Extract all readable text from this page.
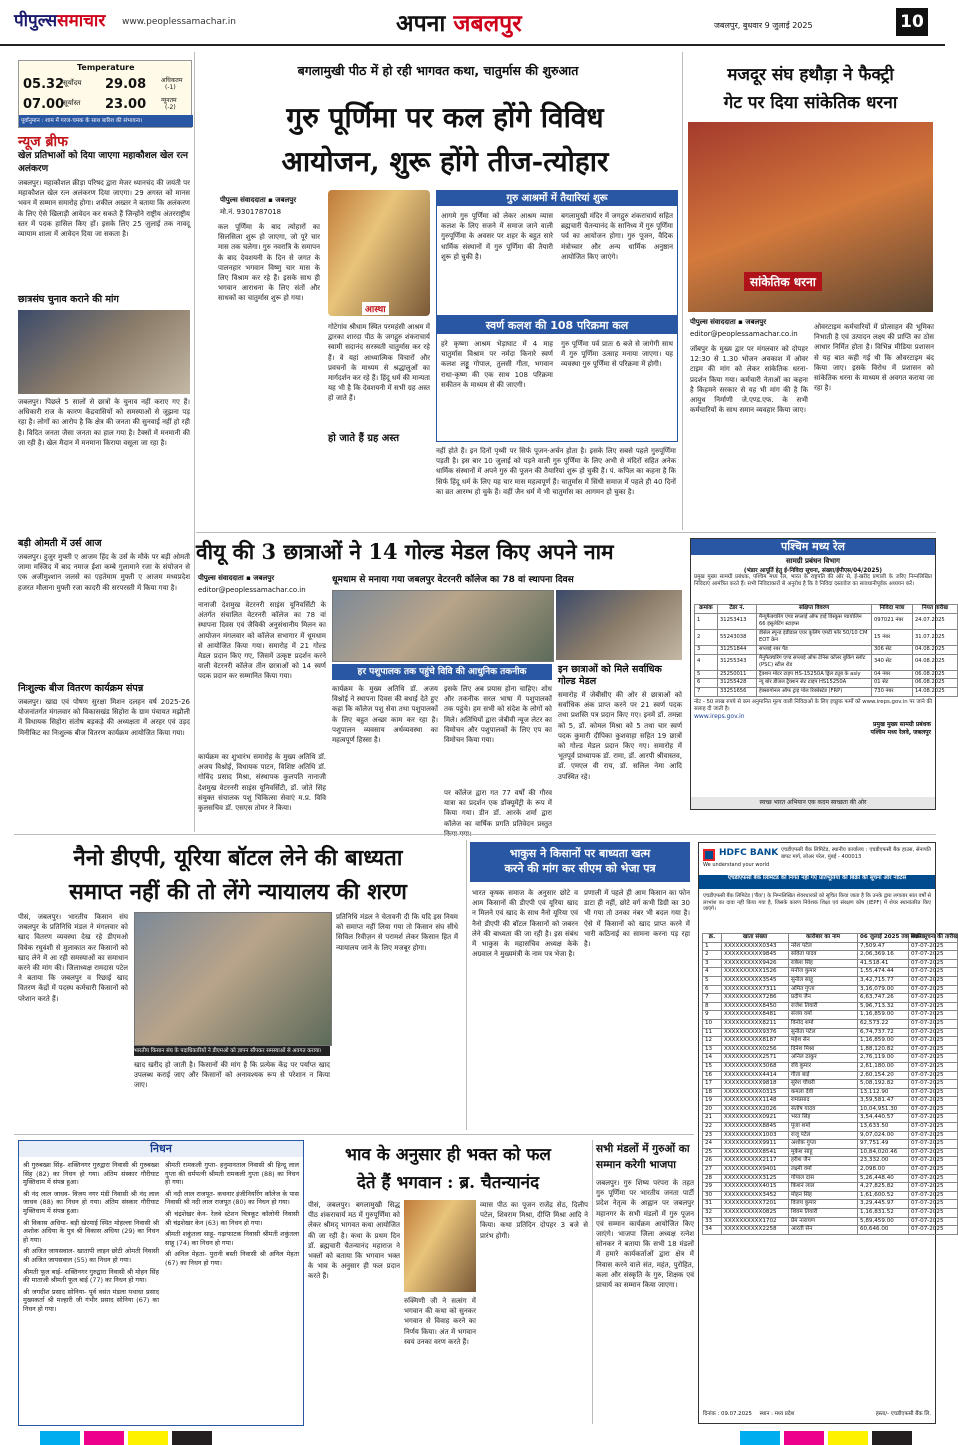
पीपुल्ससमाचार www.peoplessamachar.in	अपना जबलपुर	जबलपुर, बुधवार 9 जुलाई 2025	10
Temperature
05.32
सूर्योदय 29.08 अधिकतम
(-1)
07.00
सूर्यास्त 23.00 न्यूनतम
(-2)
पूर्वानुमान : शाम में गरज-चमक के साथ बारिश की संभावना।
न्यूज ब्रीफ
खेल प्रतिभाओं को दिया जाएगा महाकौशल खेल रत्न अलंकरण
जबलपुर। महाकौशल क्रीड़ा परिषद द्वारा मेजर ध्यानचंद की जयंती पर महाकौशल खेल रत्न अलंकरण दिया जाएगा। 29 अगस्त को मानस भवन में सम्मान समारोह होगा। शकील अख्तर ने बताया कि अलंकरण के लिए ऐसे खिलाड़ी आवेदन कर सकते हैं जिन्होंने राष्ट्रीय अंतरराष्ट्रीय स्तर में पदक हासिल किए हों। इसके लिए 25 जुलाई तक नावदू व्यायाम शाला में आवेदन दिया जा सकता है।
छात्रसंघ चुनाव कराने की मांग
जबलपुर। पिछले 5 सालों से छात्रों के चुनाव नहीं कराए गए हैं। अधिकारी राज के कारण केंद्रवासियों को समस्याओं से जूझना पड़ रहा है। लोगों का आरोप है कि क्षेत्र की जनता की सुनवाई नहीं हो रही है। विदित जनता जैसा जनता का हाल गया है। टैक्सों में मनमानी की जा रही है। खेल मैदान में मनमाना किराया वसूला जा रहा है।
बड़ी ओमती में उर्स आज
जबलपुर। हुजुर मुफ्ती ए आजम हिंद के उर्स के मौके पर बड़ी ओमती जामा मस्जिद में बाद नमाज ईशा कम्बे गुलामाने रजा के संयोजन से एक अजीमुश्शान जलसे का एहतेमाम मुफ्ती ए आजम मध्यप्रदेश हजरत मौलाना मुफ्ती रजा कादरी की सरपरस्ती में किया गया है।
निःशुल्क बीज वितरण कार्यक्रम संपन्न
जबलपुर। खाद्य एवं पोषण सुरक्षा मिशन दलहन वर्ष 2025-26 योजनांतर्गत मंगलवार को विकासखंड सिहोरा के ग्राम पंचायत मझौली में विधायक सिहोरा संतोष बड़कड़े की अध्यक्षता में अरहर एवं उड़द मिनीकिट का निःशुल्क बीज वितरण कार्यक्रम आयोजित किया गया।
बगलामुखी पीठ में हो रही भागवत कथा, चातुर्मास की शुरुआत
गुरु पूर्णिमा पर कल होंगे विविध
आयोजन, शुरू होंगे तीज-त्योहार
पीपुल्स संवाददाता ▪ जबलपुर
मो.नं. 9301787018
आस्था
कल पूर्णिमा के बाद त्योहारों का सिलसिला शुरू हो जाएगा, जो पूरे चार मास तक चलेगा। गुरु नवरात्रि के समापन के बाद देवशयनी के दिन से जगत के पालनहार भगवान विष्णु चार मास के लिए विश्राम कर रहे हैं। इसके साथ ही भगवान आराधना के लिए संतों और साधकों का चातुर्मास शुरू हो गया।
गोटेगांव श्रीधाम स्थित परमहंसी आश्रम में द्वारका शारदा पीठ के जगद्गुरु शंकराचार्य स्वामी सदानंद सरस्वती चातुर्मास कर रहे हैं। वे यहां आध्यात्मिक विचारों और प्रवचनों के माध्यम से श्रद्धालुओं का मार्गदर्शन कर रहे हैं। हिंदू धर्म की मान्यता यह भी है कि देवशयनी में सभी ग्रह अस्त हो जाते हैं।
हो जाते हैं ग्रह अस्त
गुरु आश्रमों में तैयारियां शुरू
आगमे गुरु पूर्णिमा को लेकर आश्रम व्यास कलश के लिए सजने में समाज जाने वाली गुरुपूर्णिमा के अवसर पर शहर के बहुत सारे धार्मिक संस्थानों में गुरु पूर्णिमा की तैयारी शुरू हो चुकी है।
बगलामुखी मंदिर में जगद्गुरु शंकराचार्य सहित ब्रह्मचारी चैतन्यानंद के सानिध्य में गुरु पूर्णिमा पर्व का आयोजन होगा। गुरु पूजन, वैदिक मंत्रोच्चार और अन्य धार्मिक अनुष्ठान आयोजित किए जाएंगे।
स्वर्ण कलश की 108 परिक्रमा कल
हरे कृष्णा आश्रम भेड़ाघाट में 4 माह चातुर्मास विश्राम पर नर्मदा किनारे स्वर्ण कलश लड्डू गोपाल, तुलसी गीता, भगवान राधा-कृष्ण की एक साथ 108 परिक्रमा सकीतन के माध्यम से की जाएगी।
गुरु पूर्णिमा पर्व प्रातः 6 बजे से जागेगी साथ में गुरु पूर्णिमा उत्साह मनाया जाएगा। यह व्यवस्था गुरु पूर्णिमा से परिक्रमा में होगी।
नहीं होते हैं। इन दिनों पृथ्वी पर सिर्फ पूजन-अर्चन होता है। इसके लिए सबसे पहले गुरुपूर्णिमा पड़ती है। इस बार 10 जुलाई को पड़ने वाली गुरु पूर्णिमा के लिए अभी से मंदिरों सहित अनेक धार्मिक संस्थानों में अपने गुरु की पूजन की तैयारियां शुरू हो चुकी हैं। पं. कपिल का कहना है कि सिर्फ हिंदू धर्म के लिए यह चार मास महत्वपूर्ण हैं। चातुर्मास में सिंधी समाज में पहले ही 40 दिनों का व्रत आरम्भ हो चुके हैं। वहीं जैन धर्म में भी चातुर्मास का आगमन हो चुका है।
मजदूर संघ हथौड़ा ने फैक्ट्री
गेट पर दिया सांकेतिक धरना
सांकेतिक धरना
पीपुल्स संवाददाता ▪ जबलपुर
editor@peoplessamachar.co.in
जॉबपुर के मुख्य द्वार पर मंगलवार को दोपहर 12:30 से 1.30 भोजन अवकाश में ओवर टाइम की मांग को लेकर सांकेतिक धरना-प्रदर्शन किया गया। कर्मचारी नेताओं का कहना है किहमने सरकार से यह भी मांग की है कि आयुध निर्माणी जे.एण्ड.एफ. के सभी कर्मचारियों के साथ समान व्यवहार किया जाए।
ओवरटाइम कर्मचारियों में प्रोत्साहन की भूमिका निभाती है एवं उत्पादन लक्ष्य की प्राप्ति का ठोस आधार निर्मित होता है। विभिन्न मीडिया प्रशासन से यह बात कही गई थी कि ओवरटाइम बंद किया जाए। इसके विरोध में प्रशासन को सांकेतिक धरना के माध्यम से अवगत कराया जा रहा है।
वीयू की 3 छात्राओं ने 14 गोल्ड मेडल किए अपने नाम
धूमधाम से मनाया गया जबलपुर वेटरनरी कॉलेज का 78 वां स्थापना दिवस
पीपुल्स संवाददाता ▪ जबलपुर
editor@peoplessamachar.co.in
नानाजी देशमुख वेटरनरी साइंस यूनिवर्सिटी के अंतर्गत संचालित वेटरनरी कॉलेज का 78 वां स्थापना दिवस एवं जैविकी अनुसंधानीय मिलन का आयोजन मंगलवार को कॉलेज सभागार में धूमधाम से आयोजित किया गया। समारोह में 21 गोल्ड मेडल प्रदान किए गए, जिसमें उत्कृष्ट प्रदर्शन करने वाली वेटरनरी कॉलेज तीन छात्राओं को 14 स्वर्ण पदक प्रदान कर सम्मानित किया गया।
कार्यक्रम का शुभारंभ समारोह के मुख्य अतिथि डॉ. अजय विश्नोई, विधायक पाटन, विशिष्ट अतिथि डॉ. गोविंद प्रसाद मिश्रा, संस्थापक कुलपति नानाजी देशमुख वेटरनरी साइंस यूनिवर्सिटी, डॉ. जोते सिंह संयुक्त संचालक पशु चिकित्सा सेवाएं म.प्र. विवि कुलसचिव डॉ. एसएस तोमर ने किया।
हर पशुपालक तक पहुंचे विवि की आधुनिक तकनीक
कार्यक्रम के मुख्य अतिथि डॉ. अजय विश्नोई ने स्थापना दिवस की बधाई देते हुए कहा कि कॉलेज पशु सेवा तथा पशुपालकों के लिए बहुत अच्छा काम कर रहा है। पशुपालन व्यवसाय अर्थव्यवस्था का महत्वपूर्ण हिस्सा है।
इसके लिए अब प्रयास होना चाहिए। शोध और तकनीक सरल भाषा में पशुपालकों तक पहुंचे। हम सभी को संदेश के लोगों को मिले। अतिथियों द्वारा जेबीवी न्यूज लेटर का विमोचन और पशुपालकों के लिए एप का विमोचन किया गया।
पर कॉलेज द्वारा गत 77 वर्षों की गौरव यात्रा का प्रदर्शन एक डॉक्यूमेंट्री के रूप में किया गया। डीन डॉ. आरके शर्मा द्वारा कॉलेज का वार्षिक प्रगति प्रतिवेदन प्रस्तुत
इन छात्राओं को मिले सर्वाधिक गोल्ड मेडल
समारोह में जेबीसीए की ओर से छात्राओं को सर्वाधिक अंक प्राप्त करने पर 21 स्वर्ण पदक तथा प्रशस्ति पत्र प्रदान किए गए। इनमें डॉ. तमन्ना को 5, डॉ. कोमल मिश्रा को 5 तथा चार स्वर्ण पदक कुमारी दीपिका कुशवाहा सहित 19 छात्रों को गोल्ड मेडल प्रदान किए गए। समारोह में भूतपूर्व प्राध्यापक डॉ. रामा, डॉ. आरपी श्रीवास्तव, डॉ. एमएल वी राय, डॉ. सलिल नेमा आदि उपस्थित रहे।
पश्चिम मध्य रेल
सामग्री प्रबंधन विभाग
(भंडार आपूर्ति हेतु ई-निविदा सूचना, संख्या/ईपीएस/04/2025)
प्रमुख मुख्य सामग्री प्रबंधक, पश्चिम मध्य रेल, भारत के राष्ट्रपति की ओर से, ई-खरीद प्रणाली के जरिए निम्नलिखित निविदाएं आमंत्रित करते हैं। सभी निविदाकारों से अनुरोध है कि वे निविदा दस्तावेज का सावधानीपूर्वक अध्ययन करें।
क्रमांक	टेंडर नं.	संक्षिप्त विवरण	निविदा मात्रा	नियत तारीख
1	31253413	मैन्यूफैक्चरिंग एण्ड सप्लाई ऑफ हाई विस्कुस प्यायोलिन 66 इंसुलेटिंग स्टाइप्स	097021 नंबर	24.07.2025
2	55243038	डीसेल स्पून्ड इंडीडाल एयर कूलिंग एमटी फॉर 50/10 CM EOT क्रेन	15 नंबर	31.07.2025
3	31251844	सप्लाई रबर पैड	306 सेट	04.08.2025
4	31255343	मैनुफैक्चरिंग एण्ड सप्लाई ऑफ टेनिस कॉलर बुकिंग स्लॉट (PSC) स्टील रोड	340 सेट	04.08.2025
5	25250011	ट्रैक्शन मोटर टाइप HS-15250A ड्रिल ट्यूब के asly	04 नंबर	06.08.2025
6	31255428	न्यू बोर डीजल ट्रैक्शन सेट टाइप HS15250A	01 सेट	06.08.2025
7	33251656	हेक्सागोनल ऑफ ट्राइ पोल रिक्वेस्टेड (FRP)	730 नंबर	14.08.2025
नोट - 50 लाख रुपये से कम अनुमानित मूल्य वाली निविदाओं के लिए इच्छुक फर्मों को www.ireps.gov.in पर जाने की सलाह दी जाती है।
www.ireps.gov.in
प्रमुख मुख्य सामग्री प्रबंधक
पश्चिम मध्य रेलवे, जबलपुर
स्वच्छ भारत अभियान एक कदम स्वच्छता की ओर
नैनो डीएपी, यूरिया बॉटल लेने की बाध्यता
समाप्त नहीं की तो लेंगे न्यायालय की शरण
पीसं, जबलपुर। भारतीय किसान संघ जबलपुर के प्रतिनिधि मंडल ने मंगलवार को खाद वितरण व्यवस्था देख रहे डीएमओ विवेक रघुवंशी से मुलाकात कर किसानों को खाद लेने में आ रही समस्याओं का समाधान करने की मांग की। जिलाध्यक्ष रामदास पटेल ने बताया कि जबलपुर व रिछाई खाद वितरण केंद्रों में पदस्थ कर्मचारी किसानों को परेशान करते हैं।
भारतीय किसान संघ के पदाधिकारियों ने डीएमओ को ज्ञापन सौंपकर समस्याओं से अवगत कराया।
खाद खरीद हो जाती है। किसानों की मांग है कि प्रत्येक केंद्र पर पर्याप्त खाद उपलब्ध कराई जाए और किसानों को अनावश्यक रूप से परेशान न किया जाए।
प्रतिनिधि मंडल ने चेतावनी दी कि यदि इस नियम को समाप्त नहीं लिया गया तो किसान संघ सीधे सिविल रिवीज़न से परामर्श लेकर किसान हित में न्यायालय जाने के लिए मजबूर होगा।
भाकुस ने किसानों पर बाध्यता खत्म
करने की मांग कर सीएम को भेजा पत्र
भारत कृषक समाज के अनुसार छोटे व आम किसानों की डीएपी एवं यूरिया खाद न मिलने एवं खाद के साथ नैनो यूरिया एवं नैनो डीएपी की बॉटल किसानों को जबरन लेने की बाध्यता की जा रही है। इस संबंध में भाकुस के महासचिव अध्यक्ष केके अग्रवाल ने मुख्यमंत्री के नाम पत्र भेजा है।
प्रणाली में पहले ही आम किसान का फोन डाटा ही नहीं, छोटे वर्ग कभी डिग्री का 30 भी गया तो उनका नंबर भी बदल गया है। ऐसे में किसानों को खाद प्राप्त करने में भारी कठिनाई का सामना करना पड़ रहा है।
HDFC BANK
We understand your world
एचडीएफसी बैंक लिमिटेड, स्थानीय कार्यालय : एचडीएफसी बैंक हाउस, सेनापति बापट मार्ग, लोअर परेल, मुंबई - 400013
एचडीएफसी बैंक लिमिटेड की निर्गत नहीं गए प्रतिभूतियों की बिक्री की सूचना और नोटिस
एचडीएफसी बैंक लिमिटेड ('बैंक') के निम्नलिखित शेयरधारकों को सूचित किया जाता है कि उनके द्वारा लगातार सात वर्षों से लाभांश का दावा नहीं किया गया है, जिसके कारण निवेशक शिक्षा एवं संरक्षण कोष (IEPF) में शेयर स्थानांतरित किए जाएंगे।
क्र.	खाता संख्या	कारोबार का नाम	06 जुलाई 2025 तक बकाया	बिक्री सूचना की तारीख
1	XXXXXXXXXX0343	नरेश पटेल	7,509.47	07-07-2025
2	XXXXXXXXXX9845	सविता यादव	2,06,369.16	07-07-2025
3	XXXXXXXXXX9426	राकेश सिंह	41,518.41	07-07-2025
4	XXXXXXXXXX1526	मनोज कुमार	1,55,474.44	07-07-2025
5	XXXXXXXXXX3545	सुनील साहू	3,42,715.77	07-07-2025
6	XXXXXXXXXX7311	अमित गुप्ता	3,16,079.00	07-07-2025
7	XXXXXXXXXX7286	प्रदीप जैन	6,63,747.26	07-07-2025
8	XXXXXXXXXX8450	राजेश तिवारी	5,96,713.32	07-07-2025
9	XXXXXXXXXX8481	संजय वर्मा	1,16,859.00	07-07-2025
10	XXXXXXXXXX8211	विनोद शर्मा	62,573.22	07-07-2025
11	XXXXXXXXXX9376	सुनीता पटेल	6,74,737.72	07-07-2025
12	XXXXXXXXXX8187	महेश सेन	1,16,859.00	07-07-2025
13	XXXXXXXXXX0256	दिनेश मिश्रा	1,88,120.82	07-07-2025
14	XXXXXXXXXX2571	अनिल ठाकुर	2,76,119.00	07-07-2025
15	XXXXXXXXXX3068	रवि कुमार	2,61,180.00	07-07-2025
16	XXXXXXXXXX4414	गीता बाई	2,60,154.20	07-07-2025
17	XXXXXXXXXX9818	सुरेश चौधरी	5,08,192.82	07-07-2025
18	XXXXXXXXXX0315	कमला देवी	13,112.90	07-07-2025
19	XXXXXXXXXX1148	रामप्रसाद	3,59,581.47	07-07-2025
20	XXXXXXXXXX2026	संतोष यादव	10,04,951.30	07-07-2025
21	XXXXXXXXXX0921	भरत सिंह	3,54,440.57	07-07-2025
22	XXXXXXXXXX8845	पूजा शर्मा	13,633.50	07-07-2025
23	XXXXXXXXXX1003	राजू पटेल	9,07,024.00	07-07-2025
24	XXXXXXXXXX9911	अशोक गुप्ता	97,751.49	07-07-2025
25	XXXXXXXXXX8541	मुकेश साहू	10,84,020.46	07-07-2025
26	XXXXXXXXXX2117	हरीश जैन	23,332.00	07-07-2025
27	XXXXXXXXXX9401	लक्ष्मी वर्मा	2,098.00	07-07-2025
28	XXXXXXXXXX3125	गोपाल दास	5,26,448.40	07-07-2025
29	XXXXXXXXXX4015	किशन लाल	4,27,825.82	07-07-2025
30	XXXXXXXXXX3452	मोहन सिंह	1,61,600.52	07-07-2025
31	XXXXXXXXXX7201	विजय कुमार	3,29,445.97	07-07-2025
32	XXXXXXXXXX0825	शिवम तिवारी	1,16,831.52	07-07-2025
33	XXXXXXXXXX1702	प्रेम नारायण	5,89,459.00	07-07-2025
34	XXXXXXXXXX2258	आरती सेन	60,646.00	07-07-2025
दिनांक : 09.07.2025 स्थान : मध्य प्रदेश	हस्ता/- एचडीएफसी बैंक लि.
निधन
श्री गुरुबख्श सिंह- शक्तिनगर गुरुद्वारा निवासी श्री गुरुबख्श सिंह (82) का निधन हो गया। अंतिम संस्कार गौरीघाट मुक्तिधाम में संपन्न हुआ।
श्री नंद लाल जाधव- विजय नगर मंडी निवासी श्री नंद लाल जाधव (88) का निधन हो गया। अंतिम संस्कार गौरीघाट मुक्तिधाम में संपन्न हुआ।
श्री विकास अधिया- बड़ी खेरमाई स्थित मोहल्ला निवासी श्री अशोक अधिया के पुत्र श्री विकास अधिया (29) का निधन हो गया।
श्री अजित जायसवाल- खातापी लाइन छोटी ओमती निवासी श्री अजित जायसवाल (55) का निधन हो गया।
श्रीमती फूल बाई- शक्तिनगर गुरुद्वारा निवासी श्री मोहन सिंह की माताजी श्रीमती फूल बाई (77) का निधन हो गया।
श्री जगदीश प्रसाद सोनिया- पूर्व वसंत मंडला यथाधा प्रसाद मुख्यकर्ता श्री मल्हारी जी गंभीर प्रसाद सोनिया (67) का निधन हो गया।
श्रीमती रामकली गुप्ता- हनुमानताल निवासी श्री हिन्दू लाल गुप्ता की धर्मपत्नी श्रीमती रामकली गुप्ता (88) का निधन हो गया।
श्री नदी लाल राजपूत- कचनार इंजीनियरिंग कॉलेज के पास निवासी श्री नदी लाल राजपूत (80) का निधन हो गया।
श्री चंद्रशेखर केन- रेलवे स्टेशन चित्रकूट कॉलोनी निवासी श्री चंद्रशेखर केन (63) का निधन हो गया।
श्रीमती शकुंतला साहू- गढ़ाफाटक निवासी श्रीमती शकुंतला साहू (74) का निधन हो गया।
श्री अनिल मेहता- पुरानी बस्ती निवासी श्री अनिल मेहता (67) का निधन हो गया।
भाव के अनुसार ही भक्त को फल
देते हैं भगवान : ब्र. चैतन्यानंद
पीसं, जबलपुर। बगलामुखी सिद्ध पीठ शंकराचार्य मठ में गुरुपूर्णिमा को लेकर श्रीमद् भागवत कथा आयोजित की जा रही है। कथा के प्रथम दिन डॉ. ब्रह्मचारी चैतन्यानंद महाराज ने भक्तों को बताया कि भगवान भक्त के भाव के अनुसार ही फल प्रदान करते हैं।
रुक्मिणी जी ने सत्संग में भगवान की कथा को सुनकर भगवान से विवाह करने का निर्णय किया। अंत में भगवान स्वयं उनका वरण करते हैं।
व्यास पीठ का पूजन राजेंद्र सेठ, दिलीप पटेल, शिवराम मिश्रा, दीप्ति मिश्रा आदि ने किया। कथा प्रतिदिन दोपहर 3 बजे से प्रारंभ होगी।
सभी मंडलों में गुरुओं का
सम्मान करेगी भाजपा
जबलपुर। गुरु शिष्य परंपरा के तहत गुरु पूर्णिमा पर भारतीय जनता पार्टी प्रदेश नेतृत्व के आह्वान पर जबलपुर महानगर के सभी मंडलों में गुरु पूजन एवं सम्मान कार्यक्रम आयोजित किए जाएंगे। भाजपा जिला अध्यक्ष रत्नेश सोनकर ने बताया कि सभी 18 मंडलों में हमारे कार्यकर्ताओं द्वारा क्षेत्र में निवास करने वाले संत, महंत, पुरोहित, कला और संस्कृति के गुरु, शिक्षक एवं प्राचार्य का सम्मान किया जाएगा।
